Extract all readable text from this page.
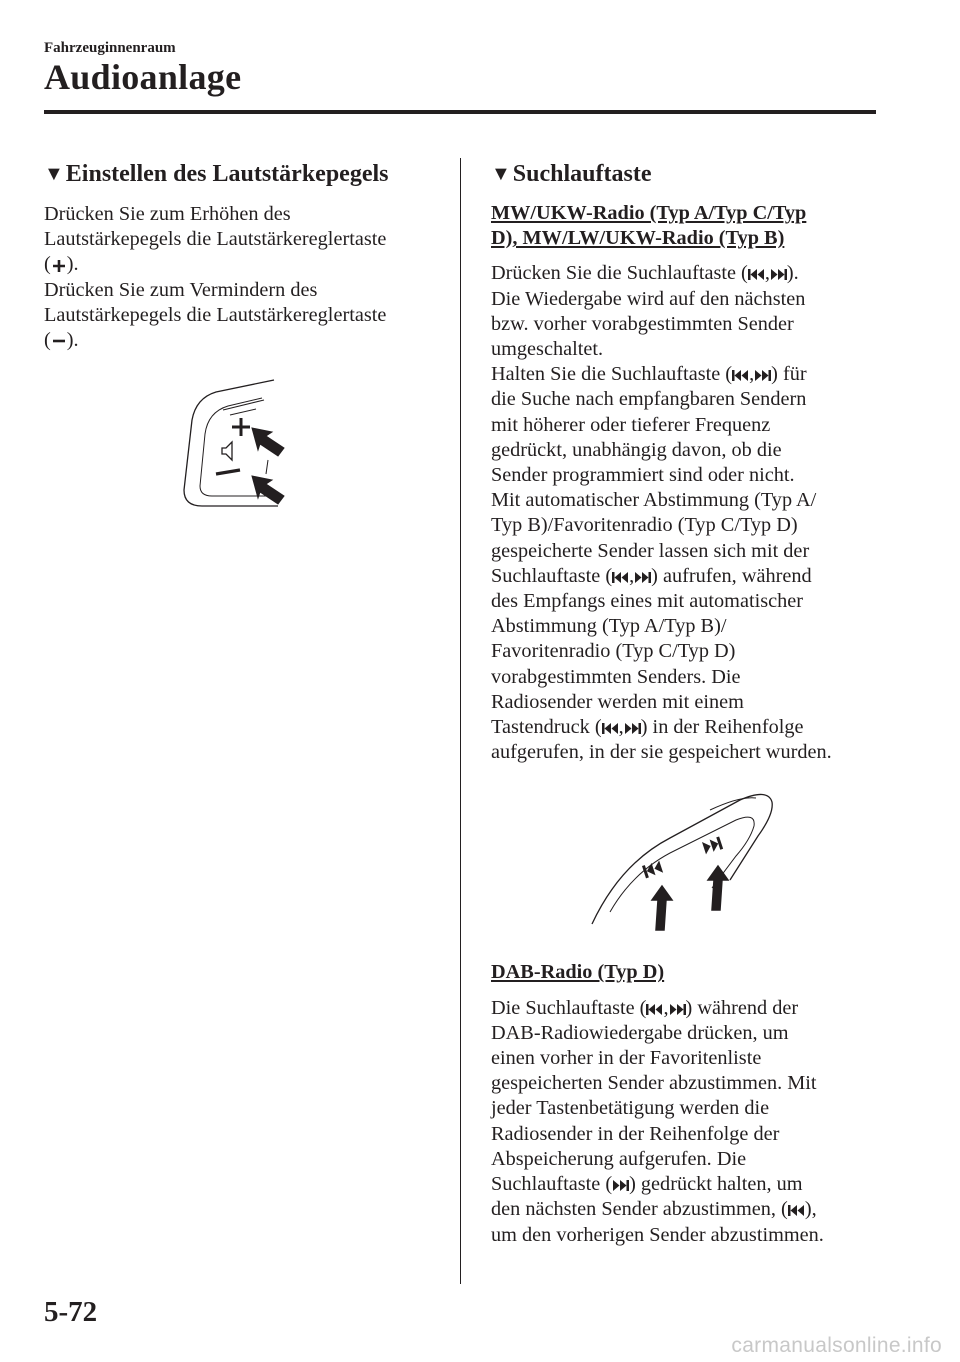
Fahrzeuginnenraum
Audioanlage
▼ Einstellen des Lautstärkepegels

Drücken Sie zum Erhöhen des
Lautstärkepegels die Lautstärkereglertaste
( ).

Drücken Sie zum Vermindern des
Lautstärkepegels die Lautstärkereglertaste
( ).

▼ Suchlauftaste

MW/UKW-Radio (Typ A/Typ C/Typ
D), MW/LW/UKW-Radio (Typ B)

Drücken Sie die Suchlauftaste ( , ).
Die Wiedergabe wird auf den nächsten
bzw. vorher vorabgestimmten Sender
umgeschaltet.
Halten Sie die Suchlauftaste ( , ) für
die Suche nach empfangbaren Sendern
mit höherer oder tieferer Frequenz
gedrückt, unabhängig davon, ob die
Sender programmiert sind oder nicht.
Mit automatischer Abstimmung (Typ A/
Typ B)/Favoritenradio (Typ C/Typ D)
gespeicherte Sender lassen sich mit der
Suchlauftaste ( , ) aufrufen, während
des Empfangs eines mit automatischer
Abstimmung (Typ A/Typ B)/
Favoritenradio (Typ C/Typ D)
vorabgestimmten Senders. Die
Radiosender werden mit einem
Tastendruck ( , ) in der Reihenfolge
aufgerufen, in der sie gespeichert wurden.

DAB-Radio (Typ D)

Die Suchlauftaste ( , ) während der
DAB-Radiowiedergabe drücken, um
einen vorher in der Favoritenliste
gespeicherten Sender abzustimmen. Mit
jeder Tastenbetätigung werden die
Radiosender in der Reihenfolge der
Abspeicherung aufgerufen. Die
Suchlauftaste ( ) gedrückt halten, um
den nächsten Sender abzustimmen, ( ),
um den vorherigen Sender abzustimmen.

5-72
carmanualsonline.info
